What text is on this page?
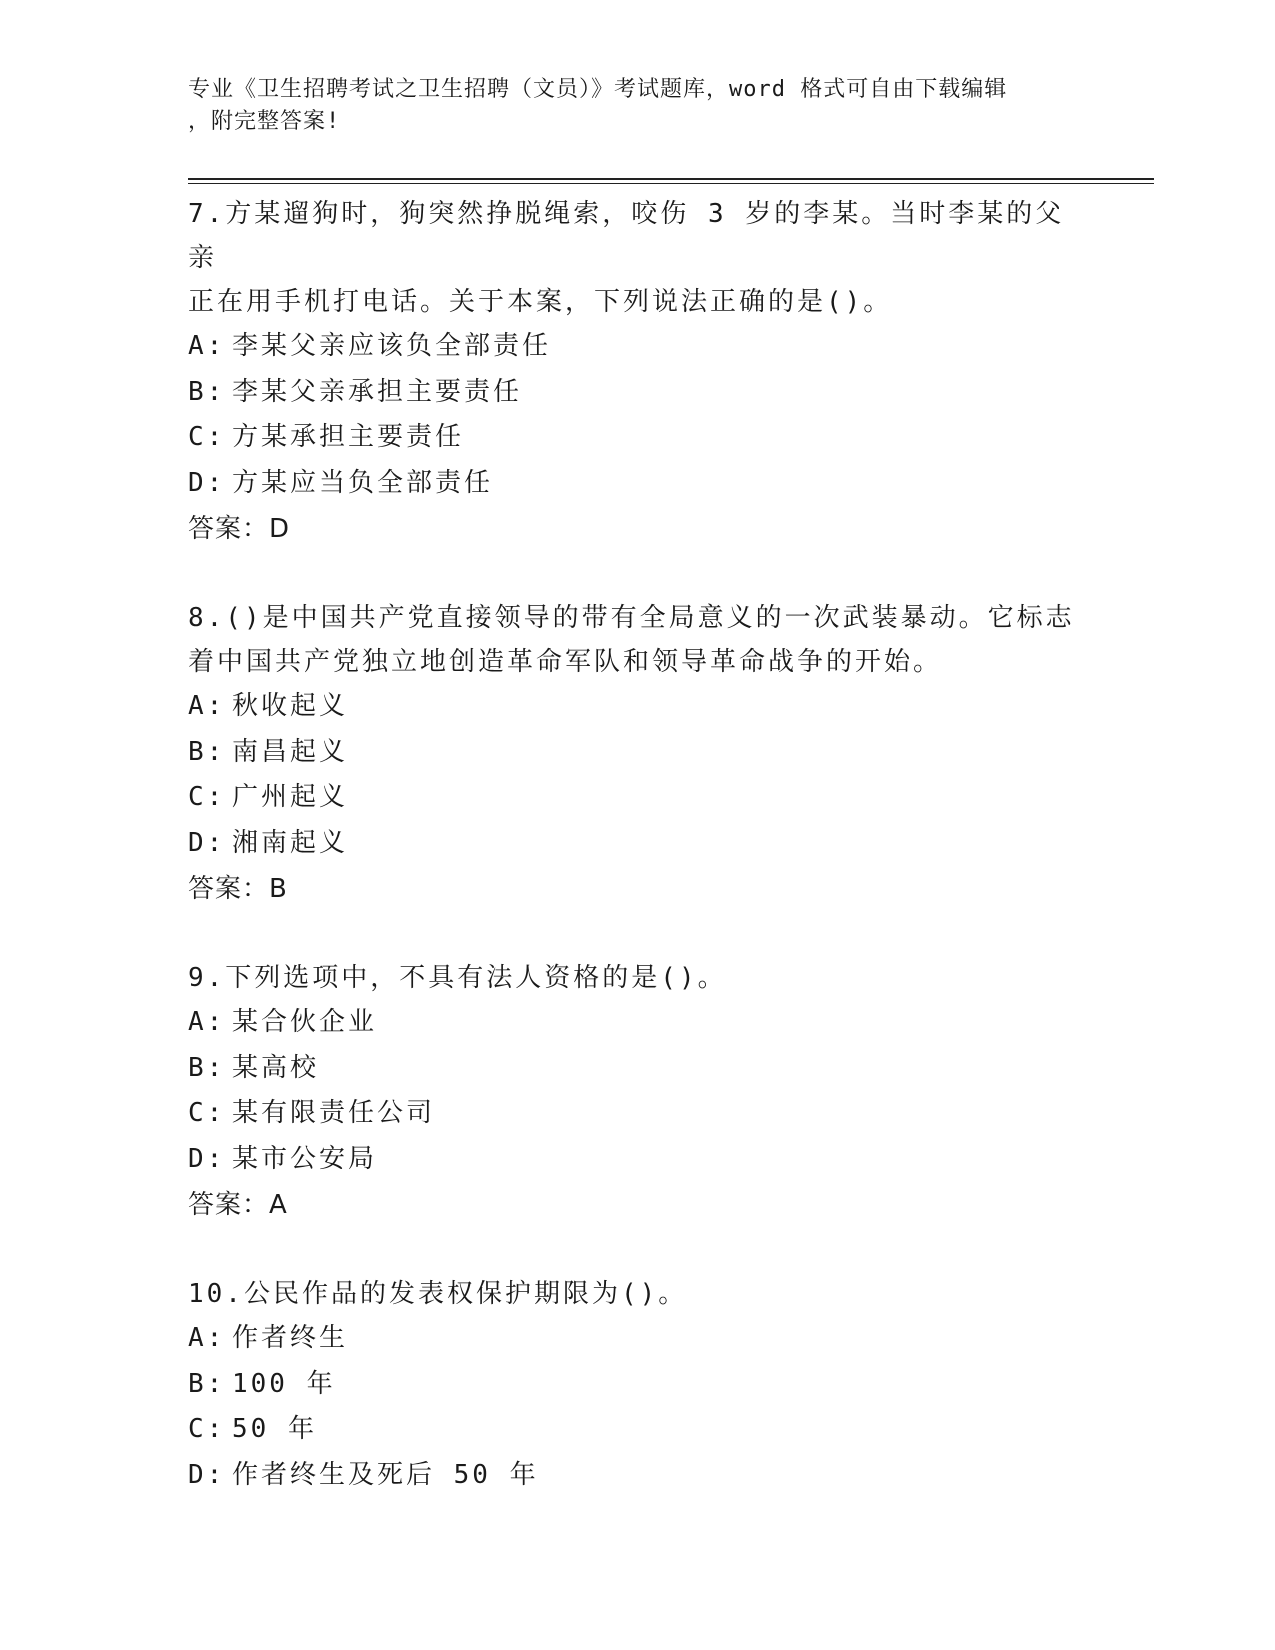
专业《卫生招聘考试之卫生招聘（文员）》考试题库，word 格式可自由下载编辑
，附完整答案!

7.方某遛狗时，狗突然挣脱绳索，咬伤 3 岁的李某。当时李某的父亲
正在用手机打电话。关于本案，下列说法正确的是()。

A: 李某父亲应该负全部责任

B: 李某父亲承担主要责任

C: 方某承担主要责任

D: 方某应当负全部责任

答案：D

8.()是中国共产党直接领导的带有全局意义的一次武装暴动。它标志
着中国共产党独立地创造革命军队和领导革命战争的开始。

A: 秋收起义

B: 南昌起义

C: 广州起义

D: 湘南起义

答案：B

9.下列选项中，不具有法人资格的是()。

A: 某合伙企业

B: 某高校

C: 某有限责任公司

D: 某市公安局

答案：A

10.公民作品的发表权保护期限为()。

A: 作者终生

B: 100 年

C: 50 年

D: 作者终生及死后 50 年
